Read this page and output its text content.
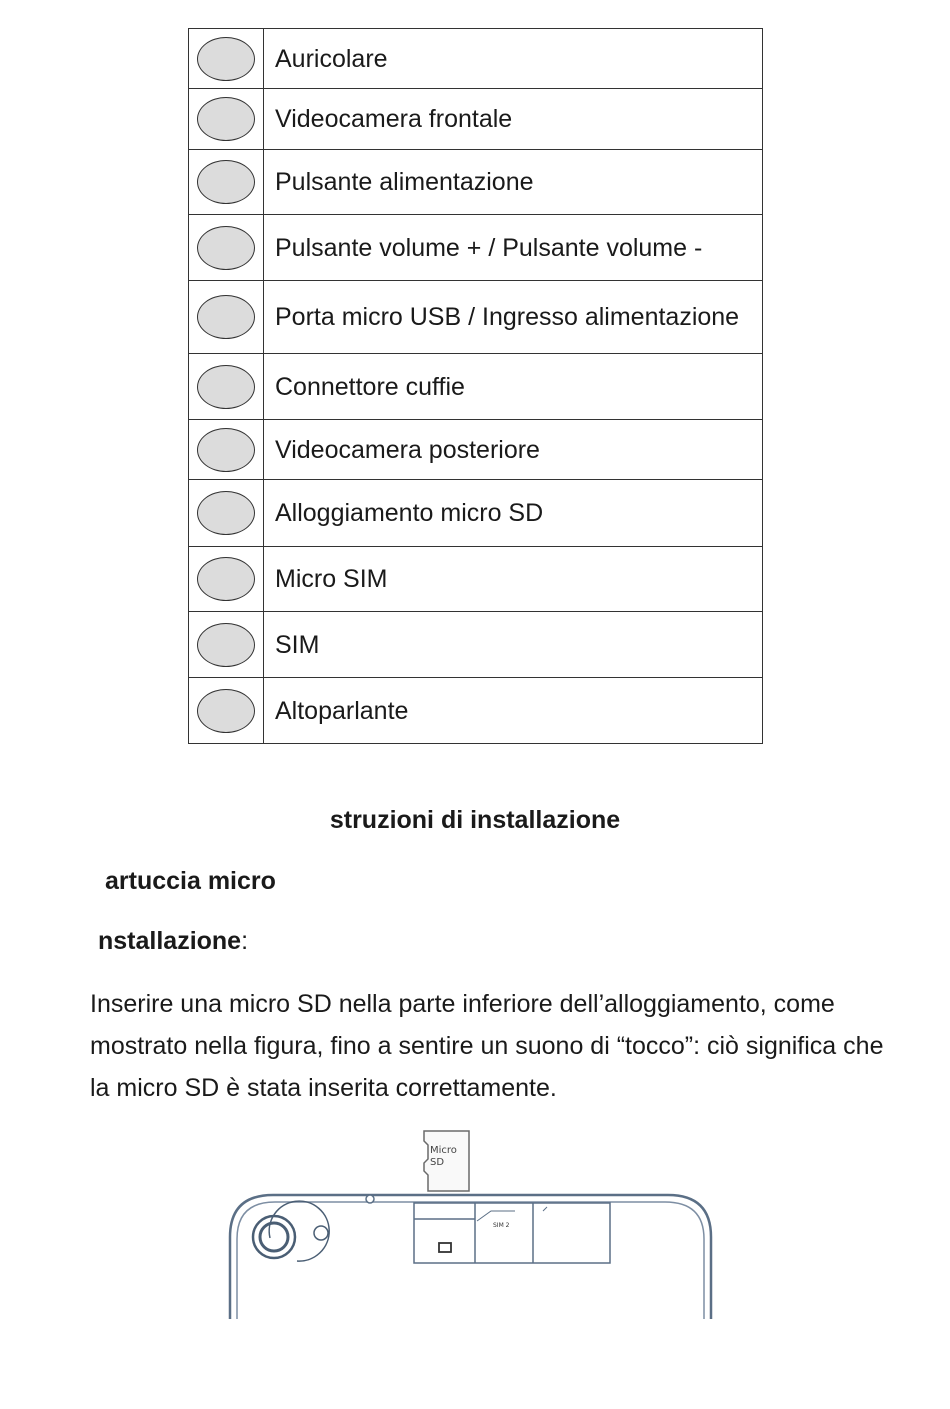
	Auricolare
	Videocamera frontale
	Pulsante alimentazione
	Pulsante volume + / Pulsante volume -
	Porta micro USB / Ingresso alimentazione
	Connettore cuffie
	Videocamera posteriore
	Alloggiamento micro SD
	Micro SIM
	SIM
	Altoparlante
struzioni di installazione
artuccia micro
nstallazione:

Inserire una micro SD nella parte inferiore dell’alloggiamento, come mostrato nella figura, fino a sentire un suono di “tocco”: ciò significa che la micro SD è stata inserita correttamente.

Micro
SD
SIM 2
